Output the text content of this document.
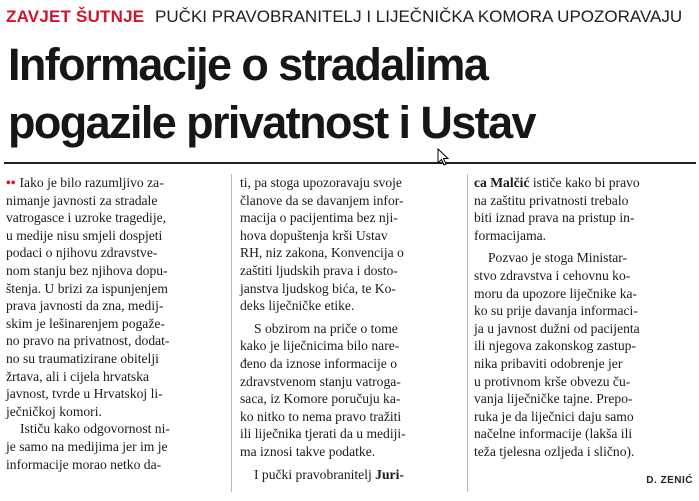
ZAVJET ŠUTNJE PUČKI PRAVOBRANITELJ I LIJEČNIČKA KOMORA UPOZORAVAJU
Informacije o stradalima
pogazile privatnost i Ustav

•• Iako je bilo razumljivo za-
nimanje javnosti za stradale
vatrogasce i uzroke tragedije,
u medije nisu smjeli dospjeti
podaci o njihovu zdravstve-
nom stanju bez njihova dopu-
štenja. U brizi za ispunjenjem
prava javnosti da zna, medij-
skim je lešinarenjem pogaže-
no pravo na privatnost, dodat-
no su traumatizirane obitelji
žrtava, ali i cijela hrvatska
javnost, tvrde u Hrvatskoj li-
ječničkoj komori.

Ističu kako odgovornost ni-
je samo na medijima jer im je
informacije morao netko da-

ti, pa stoga upozoravaju svoje
članove da se davanjem infor-
macija o pacijentima bez nji-
hova dopuštenja krši Ustav
RH, niz zakona, Konvencija o
zaštiti ljudskih prava i dosto-
janstva ljudskog bića, te Ko-
deks liječničke etike.

S obzirom na priče o tome
kako je liječnicima bilo nare-
đeno da iznose informacije o
zdravstvenom stanju vatroga-
saca, iz Komore poručuju ka-
ko nitko to nema pravo tražiti
ili liječnika tjerati da u mediji-
ma iznosi takve podatke.

I pučki pravobranitelj Juri-

ca Malčić ističe kako bi pravo
na zaštitu privatnosti trebalo
biti iznad prava na pristup in-
formacijama.

Pozvao je stoga Ministar-
stvo zdravstva i cehovnu ko-
moru da upozore liječnike ka-
ko su prije davanja informaci-
ja u javnost dužni od pacijenta
ili njegova zakonskog zastup-
nika pribaviti odobrenje jer
u protivnom krše obvezu ču-
vanja liječničke tajne. Prepo-
ruka je da liječnici daju samo
načelne informacije (lakša ili
teža tjelesna ozljeda i slično).

D. ZENIĆ
